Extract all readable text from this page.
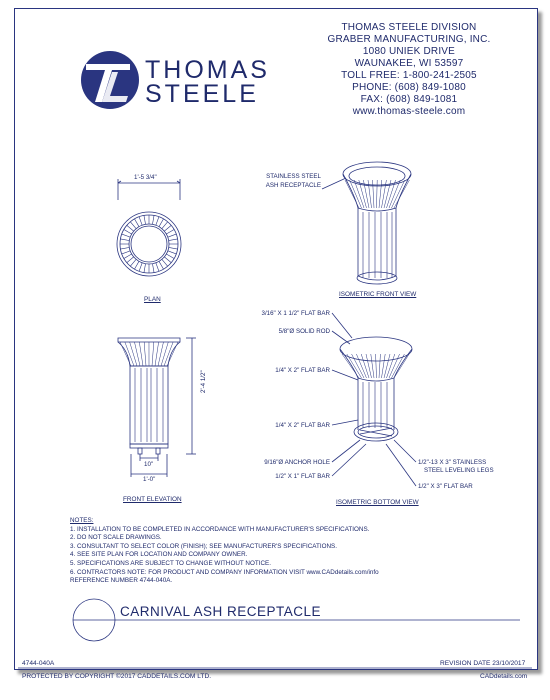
THOMAS
STEELE
THOMAS STEELE DIVISION
GRABER MANUFACTURING, INC.
1080 UNIEK DRIVE
WAUNAKEE, WI 53597
TOLL FREE: 1-800-241-2505
PHONE: (608) 849-1080
FAX: (608) 849-1081
www.thomas-steele.com
1'-5 3/4"
PLAN
2'-4 1/2"
10"
1'-0"
FRONT ELEVATION
STAINLESS STEEL
ASH RECEPTACLE
ISOMETRIC FRONT VIEW
3/16" X 1 1/2" FLAT BAR
5/8"Ø SOLID ROD
1/4" X 2" FLAT BAR
1/4" X 2" FLAT BAR
9/16"Ø ANCHOR HOLE
1/2" X 1" FLAT BAR
1/2"-13 X 3" STAINLESS
STEEL LEVELING LEGS
1/2" X 3" FLAT BAR
ISOMETRIC BOTTOM VIEW
NOTES:
1. INSTALLATION TO BE COMPLETED IN ACCORDANCE WITH MANUFACTURER'S SPECIFICATIONS.
2. DO NOT SCALE DRAWINGS.
3. CONSULTANT TO SELECT COLOR (FINISH); SEE MANUFACTURER'S SPECIFICATIONS.
4. SEE SITE PLAN FOR LOCATION AND COMPANY OWNER.
5. SPECIFICATIONS ARE SUBJECT TO CHANGE WITHOUT NOTICE.
6. CONTRACTORS NOTE: FOR PRODUCT AND COMPANY INFORMATION VISIT www.CADdetails.com/info
REFERENCE NUMBER 4744-040A.
CARNIVAL ASH RECEPTACLE
4744-040A	REVISION DATE 23/10/2017
PROTECTED BY COPYRIGHT ©2017 CADDETAILS.COM LTD.	CADdetails.com
